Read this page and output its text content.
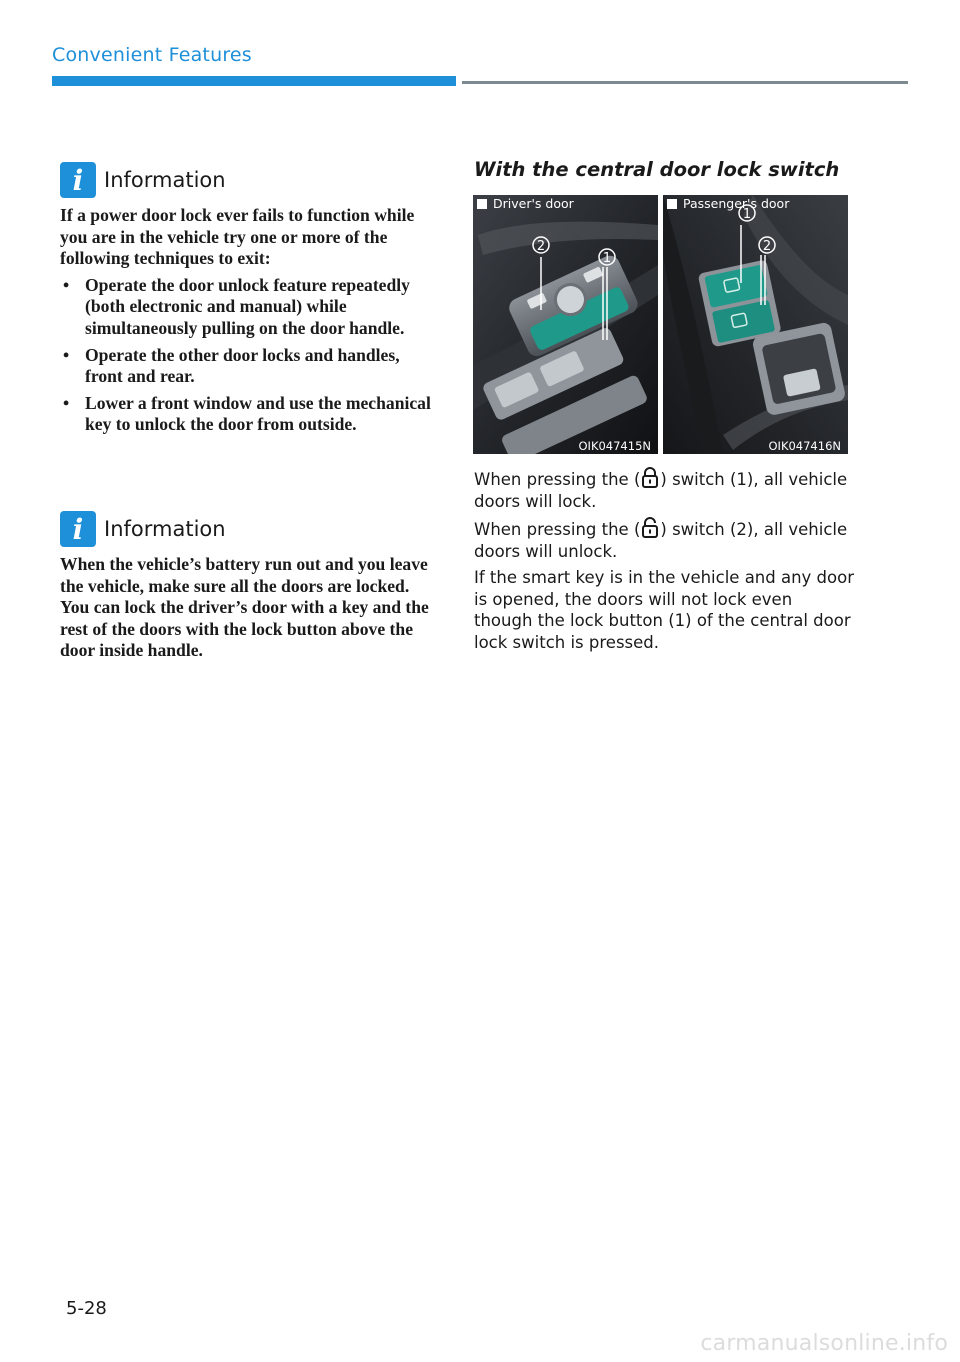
Convenient Features
i Information

If a power door lock ever fails to function while you are in the vehicle try one or more of the following techniques to exit:

• Operate the door unlock feature repeatedly (both electronic and manual) while simultaneously pulling on the door handle.
• Operate the other door locks and handles, front and rear.
• Lower a front window and use the mechanical key to unlock the door from outside.
i Information

When the vehicle’s battery run out and you leave the vehicle, make sure all the doors are locked. You can lock the driver’s door with a key and the rest of the doors with the lock button above the door inside handle.

With the central door lock switch
2
1
Driver's door
OIK047415N
1
2
Passenger's door
OIK047416N
When pressing the ( ) switch (1), all vehicle doors will lock.
When pressing the ( ) switch (2), all vehicle doors will unlock.
If the smart key is in the vehicle and any door is opened, the doors will not lock even though the lock button (1) of the central door lock switch is pressed.
5-28
carmanualsonline.info
